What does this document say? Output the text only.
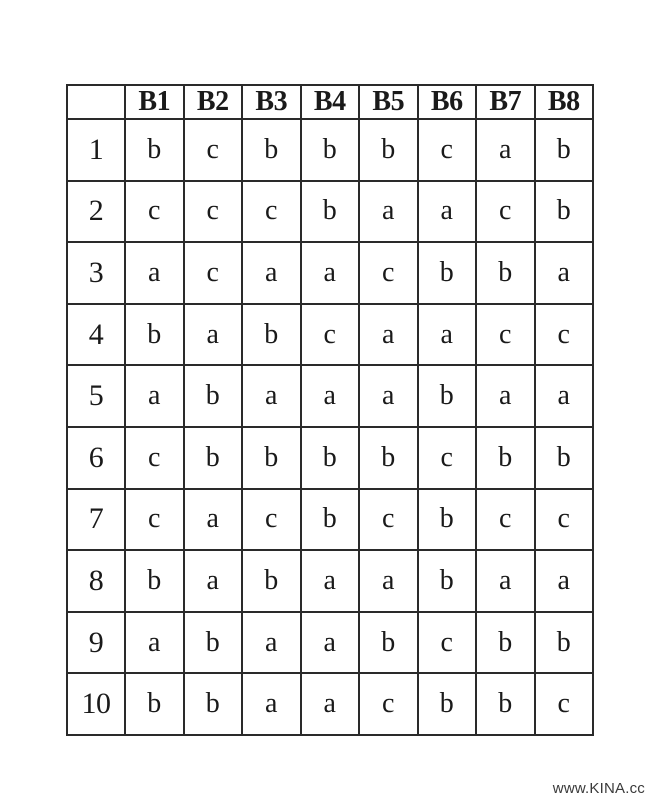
	B1	B2	B3	B4	B5	B6	B7	B8
1	b	c	b	b	b	c	a	b
2	c	c	c	b	a	a	c	b
3	a	c	a	a	c	b	b	a
4	b	a	b	c	a	a	c	c
5	a	b	a	a	a	b	a	a
6	c	b	b	b	b	c	b	b
7	c	a	c	b	c	b	c	c
8	b	a	b	a	a	b	a	a
9	a	b	a	a	b	c	b	b
10	b	b	a	a	c	b	b	c
www.KINA.cc
